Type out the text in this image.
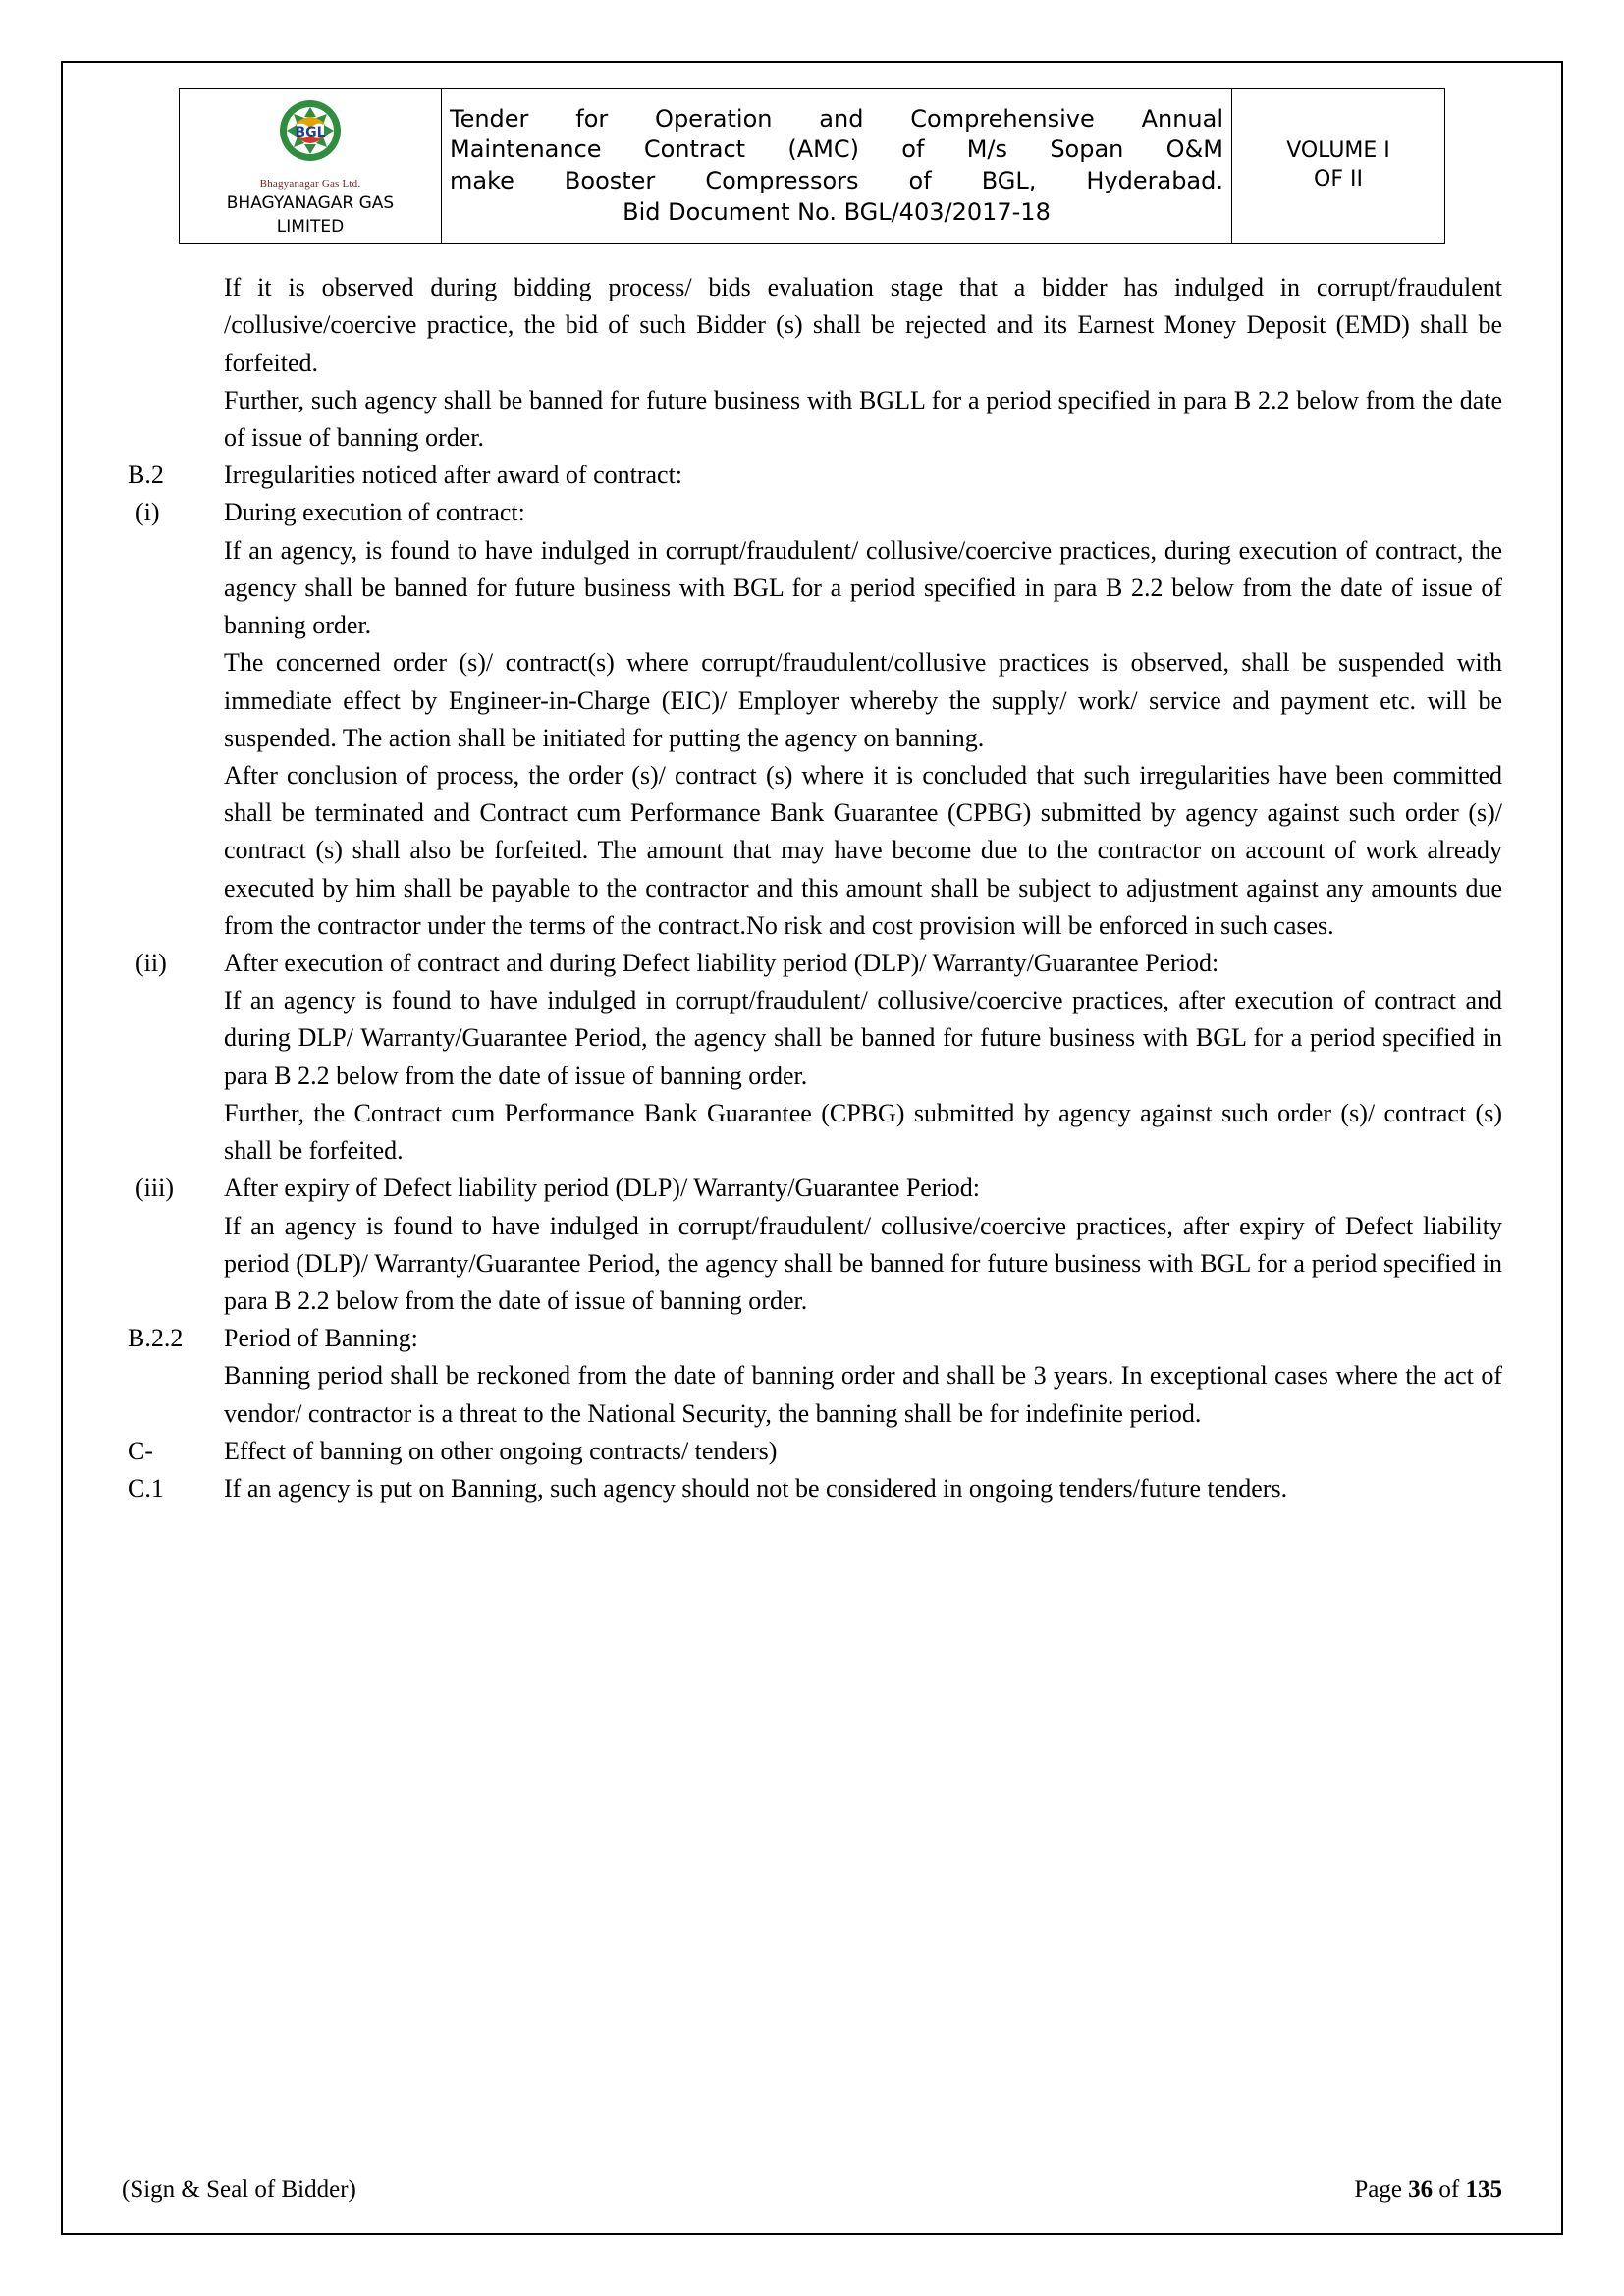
BGL
Bhagyanagar Gas Ltd.
BHAGYANAGAR GAS
LIMITED

Tender for Operation and Comprehensive Annual
Maintenance Contract (AMC) of M/s Sopan O&M
make Booster Compressors of BGL, Hyderabad.
Bid Document No. BGL/403/2017-18

VOLUME I
OF II
If it is observed during bidding process/ bids evaluation stage that a bidder has indulged in corrupt/fraudulent /collusive/coercive practice, the bid of such Bidder (s) shall be rejected and its Earnest Money Deposit (EMD) shall be forfeited.
Further, such agency shall be banned for future business with BGLL for a period specified in para B 2.2 below from the date of issue of banning order.
B.2	Irregularities noticed after award of contract:
(i)	During execution of contract:

If an agency, is found to have indulged in corrupt/fraudulent/ collusive/coercive practices, during execution of contract, the agency shall be banned for future business with BGL for a period specified in para B 2.2 below from the date of issue of banning order.

The concerned order (s)/ contract(s) where corrupt/fraudulent/collusive practices is observed, shall be suspended with immediate effect by Engineer-in-Charge (EIC)/ Employer whereby the supply/ work/ service and payment etc. will be suspended. The action shall be initiated for putting the agency on banning.

After conclusion of process, the order (s)/ contract (s) where it is concluded that such irregularities have been committed shall be terminated and Contract cum Performance Bank Guarantee (CPBG) submitted by agency against such order (s)/ contract (s) shall also be forfeited. The amount that may have become due to the contractor on account of work already executed by him shall be payable to the contractor and this amount shall be subject to adjustment against any amounts due from the contractor under the terms of the contract.No risk and cost provision will be enforced in such cases.

(ii)	After execution of contract and during Defect liability period (DLP)/ Warranty/Guarantee Period:

If an agency is found to have indulged in corrupt/fraudulent/ collusive/coercive practices, after execution of contract and during DLP/ Warranty/Guarantee Period, the agency shall be banned for future business with BGL for a period specified in para B 2.2 below from the date of issue of banning order.

Further, the Contract cum Performance Bank Guarantee (CPBG) submitted by agency against such order (s)/ contract (s) shall be forfeited.

(iii)	After expiry of Defect liability period (DLP)/ Warranty/Guarantee Period:

If an agency is found to have indulged in corrupt/fraudulent/ collusive/coercive practices, after expiry of Defect liability period (DLP)/ Warranty/Guarantee Period, the agency shall be banned for future business with BGL for a period specified in para B 2.2 below from the date of issue of banning order.

B.2.2	Period of Banning:

Banning period shall be reckoned from the date of banning order and shall be 3 years. In exceptional cases where the act of vendor/ contractor is a threat to the National Security, the banning shall be for indefinite period.

C-	Effect of banning on other ongoing contracts/ tenders)
C.1	If an agency is put on Banning, such agency should not be considered in ongoing tenders/future tenders.
(Sign & Seal of Bidder)	Page 36 of 135
